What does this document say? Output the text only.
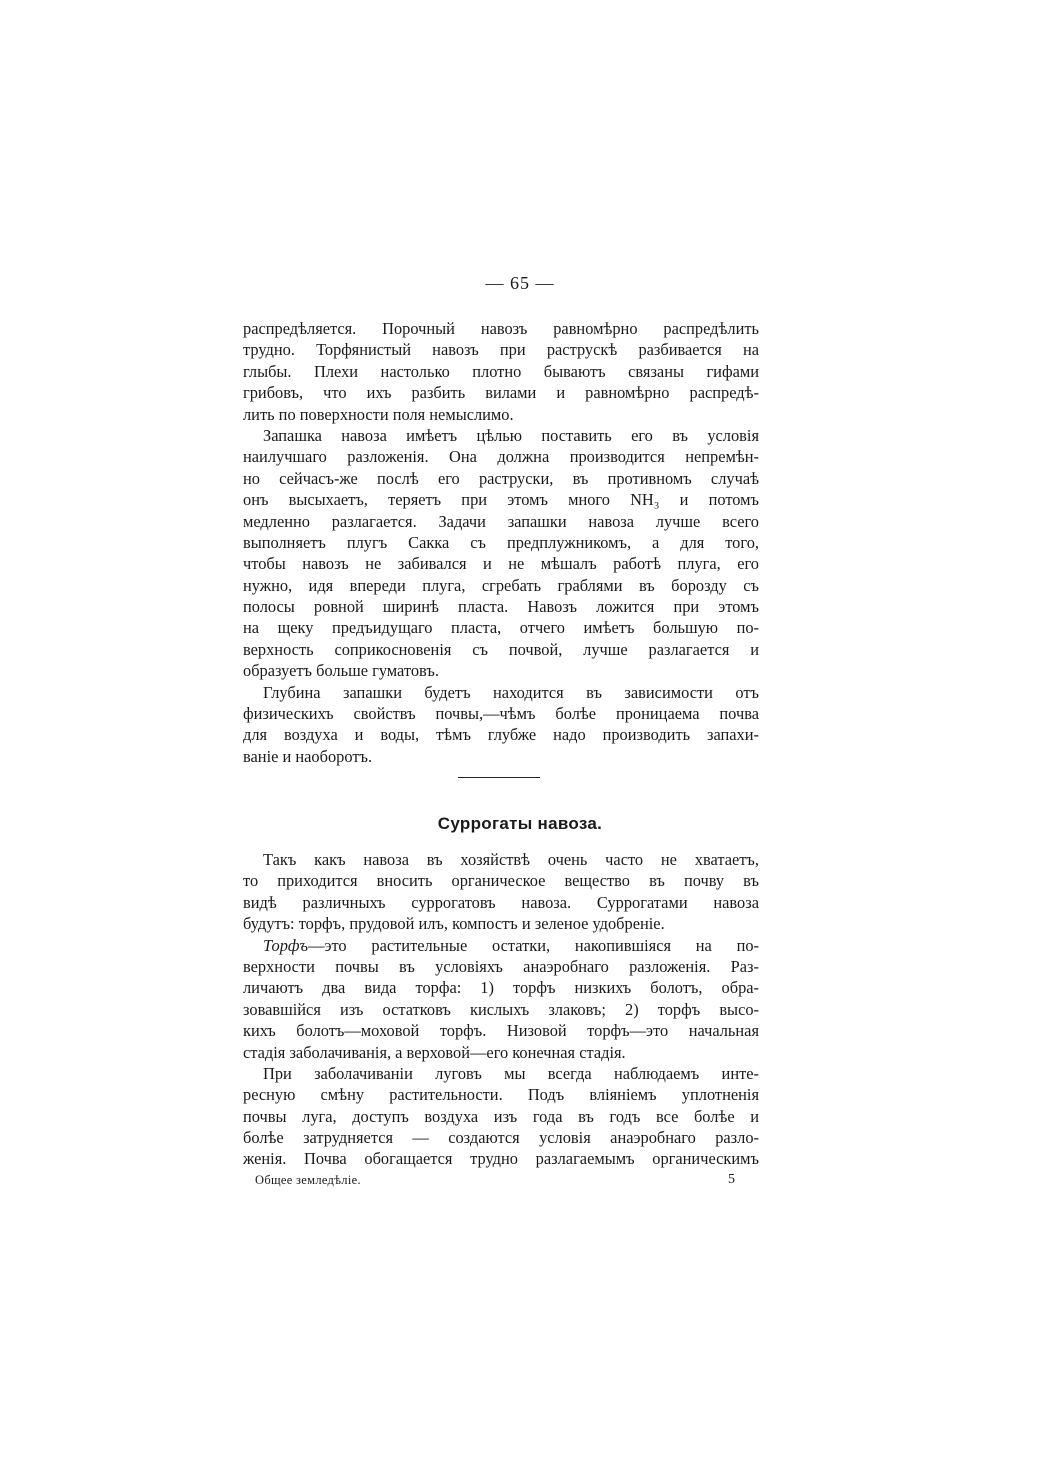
— 65 —
распредѣляется. Порочный навозъ равномѣрно распредѣлить
трудно. Торфянистый навозъ при раструскѣ разбивается на
глыбы. Плехи настолько плотно бываютъ связаны гифами
грибовъ, что ихъ разбить вилами и равномѣрно распредѣ-
лить по поверхности поля немыслимо.
Запашка навоза имѣетъ цѣлью поставить его въ условія
наилучшаго разложенія. Она должна производится непремѣн-
но сейчасъ-же послѣ его раструски, въ противномъ случаѣ
онъ высыхаетъ, теряетъ при этомъ много NH₃ и потомъ
медленно разлагается. Задачи запашки навоза лучше всего
выполняетъ плугъ Сакка съ предплужникомъ, а для того,
чтобы навозъ не забивался и не мѣшалъ работѣ плуга, его
нужно, идя впереди плуга, сгребать граблями въ борозду съ
полосы ровной ширинѣ пласта. Навозъ ложится при этомъ
на щеку предъидущаго пласта, отчего имѣетъ большую по-
верхность соприкосновенія съ почвой, лучше разлагается и
образуетъ больше гуматовъ.
Глубина запашки будетъ находится въ зависимости отъ
физическихъ свойствъ почвы,—чѣмъ болѣе проницаема почва
для воздуха и воды, тѣмъ глубже надо производить запахи-
ваніе и наоборотъ.
Суррогаты навоза.
Такъ какъ навоза въ хозяйствѣ очень часто не хватаетъ,
то приходится вносить органическое вещество въ почву въ
видѣ различныхъ суррогатовъ навоза. Суррогатами навоза
будутъ: торфъ, прудовой илъ, компостъ и зеленое удобреніе.
Торфъ—это растительные остатки, накопившіяся на по-
верхности почвы въ условіяхъ анаэробнаго разложенія. Раз-
личаютъ два вида торфа: 1) торфъ низкихъ болотъ, обра-
зовавшійся изъ остатковъ кислыхъ злаковъ; 2) торфъ высо-
кихъ болотъ—моховой торфъ. Низовой торфъ—это начальная
стадія заболачиванія, а верховой—его конечная стадія.
При заболачиваніи луговъ мы всегда наблюдаемъ инте-
ресную смѣну растительности. Подъ вліяніемъ уплотненія
почвы луга, доступъ воздуха изъ года въ годъ все болѣе и
болѣе затрудняется — создаются условія анаэробнаго разло-
женія. Почва обогащается трудно разлагаемымъ органическимъ
Общее земледѣліе.	5
